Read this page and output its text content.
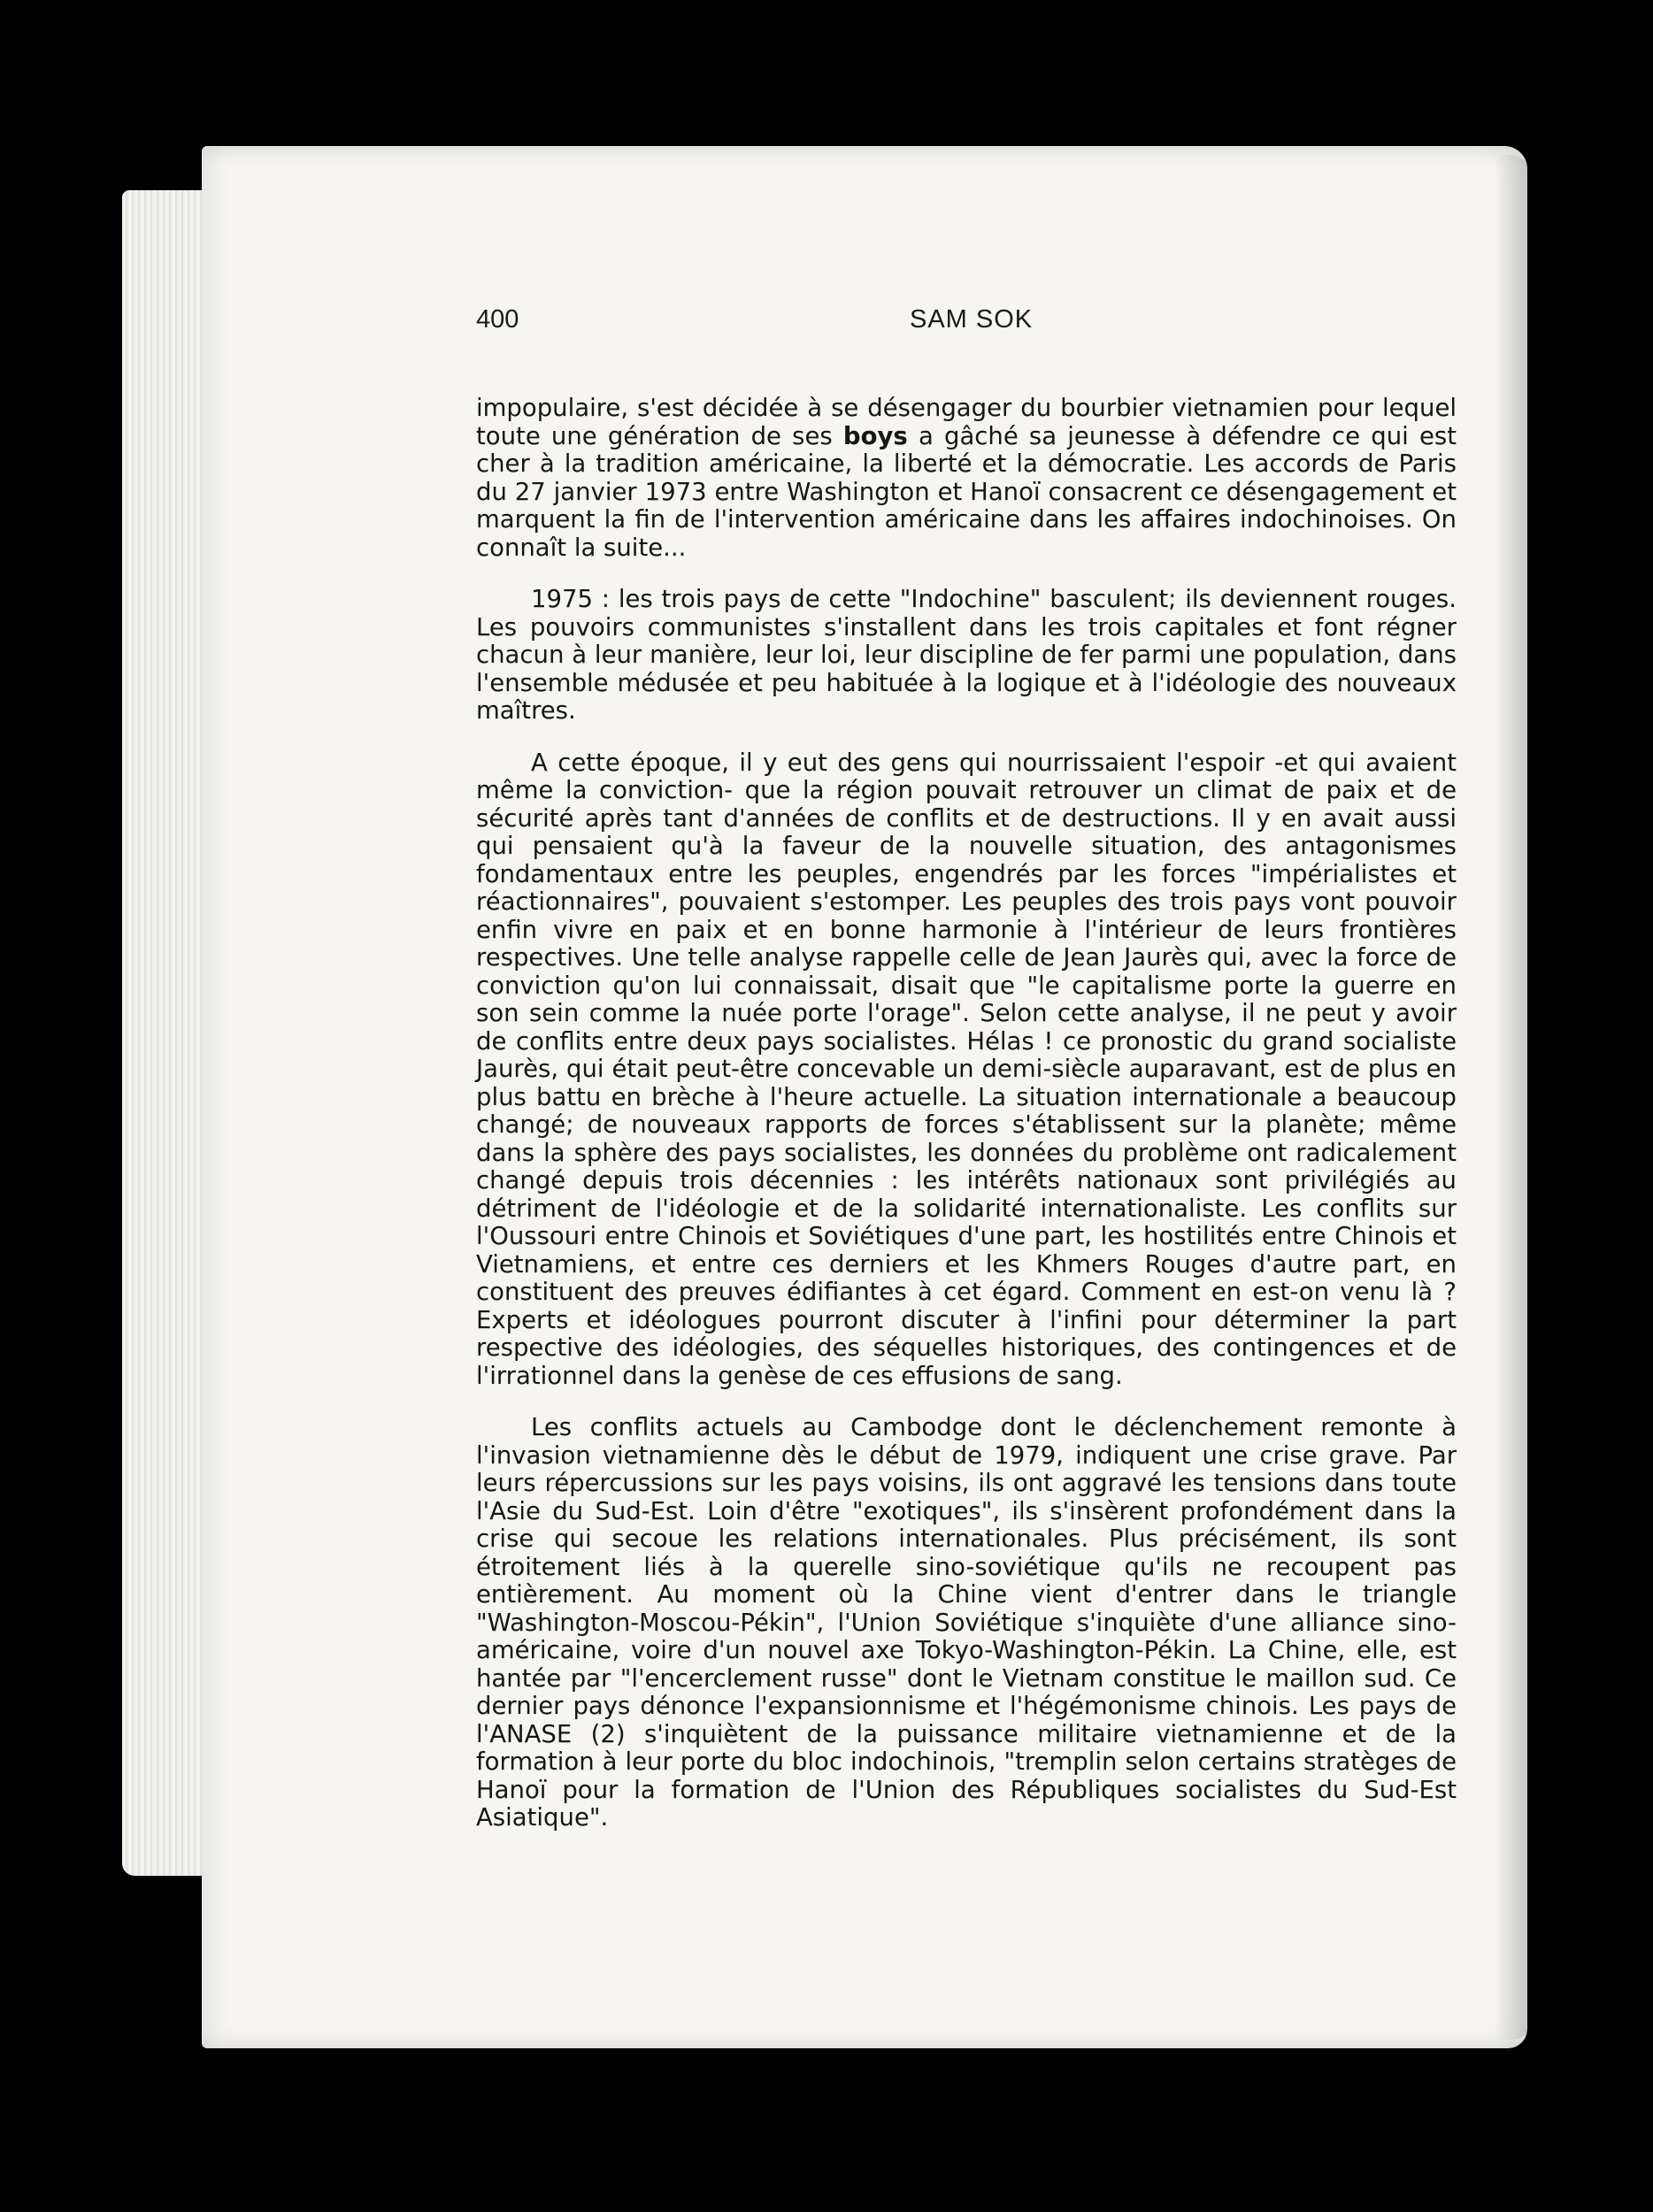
400	SAM SOK

impopulaire, s'est décidée à se désengager du bourbier vietnamien pour lequel toute une génération de ses boys a gâché sa jeunesse à défendre ce qui est cher à la tradition américaine, la liberté et la démocratie. Les accords de Paris du 27 janvier 1973 entre Washington et Hanoï consacrent ce désengagement et marquent la fin de l'intervention américaine dans les affaires indochinoises. On connaît la suite...

1975 : les trois pays de cette "Indochine" basculent; ils deviennent rouges. Les pouvoirs communistes s'installent dans les trois capitales et font régner chacun à leur manière, leur loi, leur discipline de fer parmi une population, dans l'ensemble médusée et peu habituée à la logique et à l'idéologie des nouveaux maîtres.

A cette époque, il y eut des gens qui nourrissaient l'espoir -et qui avaient même la conviction- que la région pouvait retrouver un climat de paix et de sécurité après tant d'années de conflits et de destructions. Il y en avait aussi qui pensaient qu'à la faveur de la nouvelle situation, des antagonismes fondamentaux entre les peuples, engendrés par les forces "impérialistes et réactionnaires", pouvaient s'estomper. Les peuples des trois pays vont pouvoir enfin vivre en paix et en bonne harmonie à l'intérieur de leurs frontières respectives. Une telle analyse rappelle celle de Jean Jaurès qui, avec la force de conviction qu'on lui connaissait, disait que "le capitalisme porte la guerre en son sein comme la nuée porte l'orage". Selon cette analyse, il ne peut y avoir de conflits entre deux pays socialistes. Hélas ! ce pronostic du grand socialiste Jaurès, qui était peut-être concevable un demi-siècle auparavant, est de plus en plus battu en brèche à l'heure actuelle. La situation internationale a beaucoup changé; de nouveaux rapports de forces s'établissent sur la planète; même dans la sphère des pays socialistes, les données du problème ont radicalement changé depuis trois décennies : les intérêts nationaux sont privilégiés au détriment de l'idéologie et de la solidarité internationaliste. Les conflits sur l'Oussouri entre Chinois et Soviétiques d'une part, les hostilités entre Chinois et Vietnamiens, et entre ces derniers et les Khmers Rouges d'autre part, en constituent des preuves édifiantes à cet égard. Comment en est-on venu là ? Experts et idéologues pourront discuter à l'infini pour déterminer la part respective des idéologies, des séquelles historiques, des contingences et de l'irrationnel dans la genèse de ces effusions de sang.

Les conflits actuels au Cambodge dont le déclenchement remonte à l'invasion vietnamienne dès le début de 1979, indiquent une crise grave. Par leurs répercussions sur les pays voisins, ils ont aggravé les tensions dans toute l'Asie du Sud-Est. Loin d'être "exotiques", ils s'insèrent profondément dans la crise qui secoue les relations internationales. Plus précisément, ils sont étroitement liés à la querelle sino-soviétique qu'ils ne recoupent pas entièrement. Au moment où la Chine vient d'entrer dans le triangle "Washington-Moscou-Pékin", l'Union Soviétique s'inquiète d'une alliance sino-américaine, voire d'un nouvel axe Tokyo-Washington-Pékin. La Chine, elle, est hantée par "l'encerclement russe" dont le Vietnam constitue le maillon sud. Ce dernier pays dénonce l'expansionnisme et l'hégémonisme chinois. Les pays de l'ANASE (2) s'inquiètent de la puissance militaire vietnamienne et de la formation à leur porte du bloc indochinois, "tremplin selon certains stratèges de Hanoï pour la formation de l'Union des Républiques socialistes du Sud-Est Asiatique".
